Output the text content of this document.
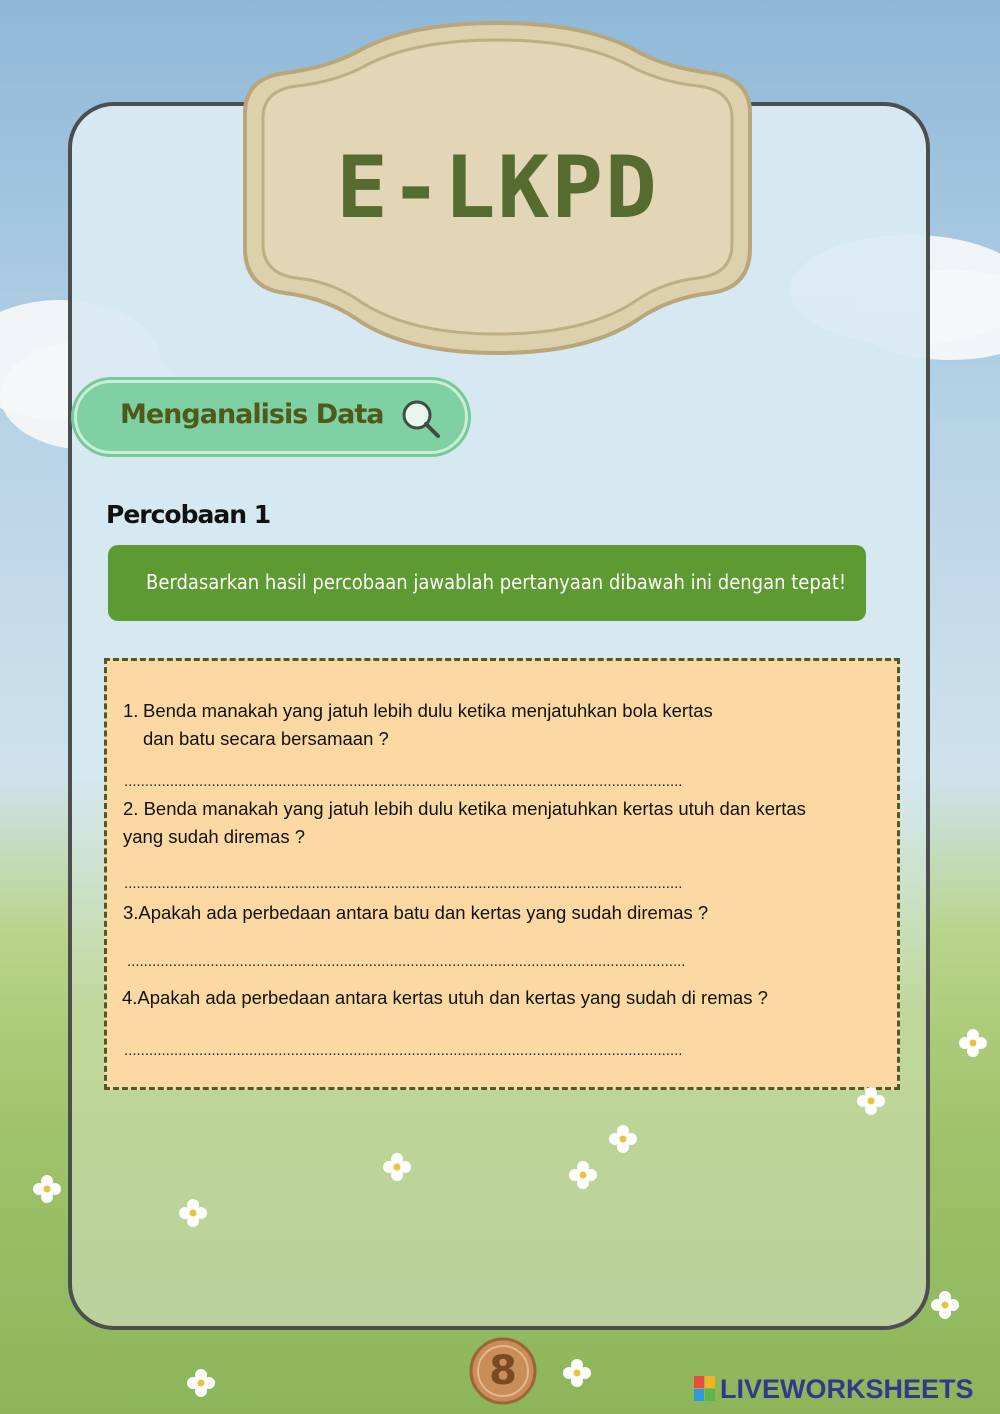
E-LKPD
Menganalisis Data
Percobaan 1
Berdasarkan hasil percobaan jawablah pertanyaan dibawah ini dengan tepat!
1. Benda manakah yang jatuh lebih dulu ketika menjatuhkan bola kertas
dan batu secara bersamaan ?
......................................................................................................................................
2. Benda manakah yang jatuh lebih dulu ketika menjatuhkan kertas utuh dan kertas
yang sudah diremas ?
......................................................................................................................................
3.Apakah ada perbedaan antara batu dan kertas yang sudah diremas ?
......................................................................................................................................
4.Apakah ada perbedaan antara kertas utuh dan kertas yang sudah di remas ?
......................................................................................................................................
8	LIVEWORKSHEETS
